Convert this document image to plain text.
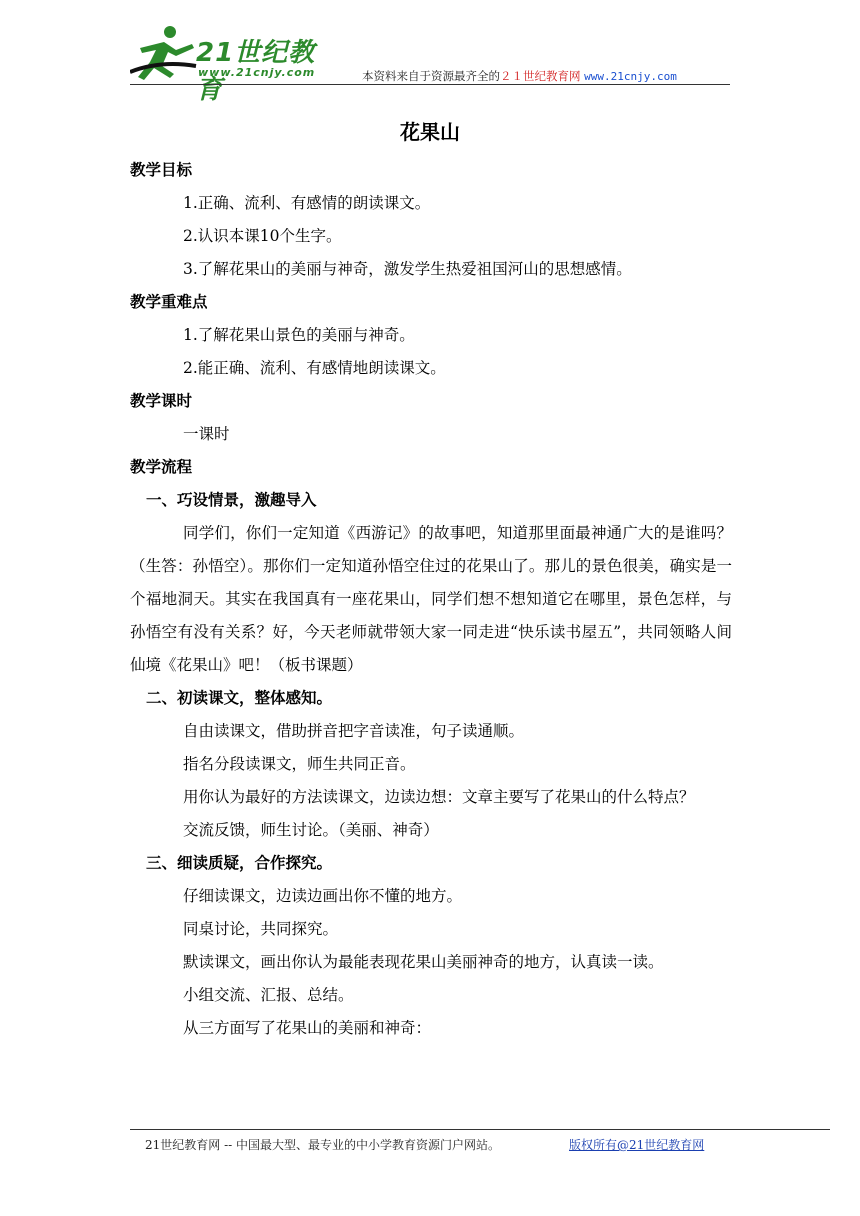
21世纪教育
www.21cnjy.com	本资料来自于资源最齐全的２１世纪教育网 www.21cnjy.com
花果山

教学目标

1.正确、流利、有感情的朗读课文。

2.认识本课10个生字。

3.了解花果山的美丽与神奇，激发学生热爱祖国河山的思想感情。

教学重难点

1.了解花果山景色的美丽与神奇。

2.能正确、流利、有感情地朗读课文。

教学课时

一课时

教学流程

一、巧设情景，激趣导入

同学们，你们一定知道《西游记》的故事吧，知道那里面最神通广大的是谁吗？（生答：孙悟空）。那你们一定知道孙悟空住过的花果山了。那儿的景色很美，确实是一个福地洞天。其实在我国真有一座花果山，同学们想不想知道它在哪里，景色怎样，与孙悟空有没有关系？好，今天老师就带领大家一同走进“快乐读书屋五”，共同领略人间仙境《花果山》吧！（板书课题）

二、初读课文，整体感知。

自由读课文，借助拼音把字音读准，句子读通顺。

指名分段读课文，师生共同正音。

用你认为最好的方法读课文，边读边想：文章主要写了花果山的什么特点？

交流反馈，师生讨论。（美丽、神奇）

三、细读质疑，合作探究。

仔细读课文，边读边画出你不懂的地方。

同桌讨论，共同探究。

默读课文，画出你认为最能表现花果山美丽神奇的地方，认真读一读。

小组交流、汇报、总结。

从三方面写了花果山的美丽和神奇：

21世纪教育网 -- 中国最大型、最专业的中小学教育资源门户网站。	版权所有@21世纪教育网
